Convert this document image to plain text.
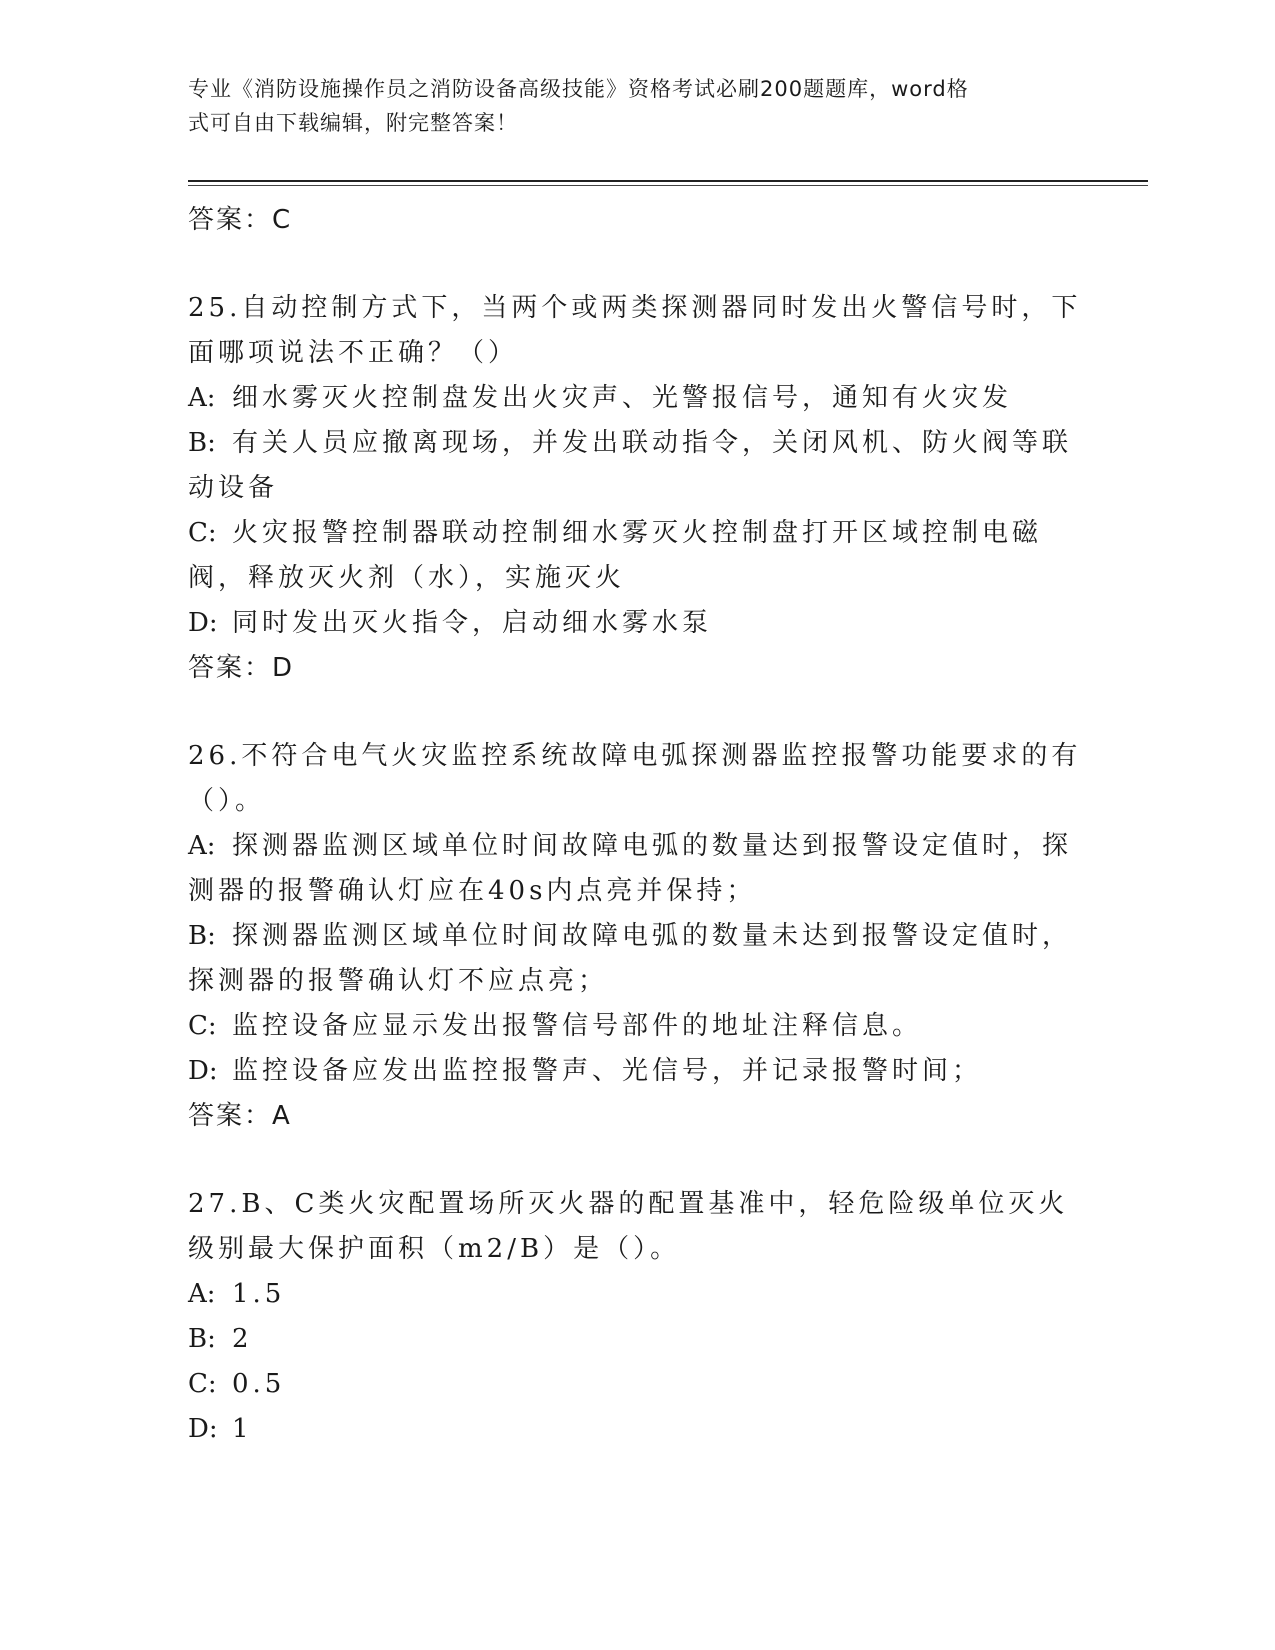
专业《消防设施操作员之消防设备高级技能》资格考试必刷200题题库，word格
式可自由下载编辑，附完整答案！
答案：C
25.自动控制方式下，当两个或两类探测器同时发出火警信号时，下面哪项说法不正确？（）
A: 细水雾灭火控制盘发出火灾声、光警报信号，通知有火灾发
B: 有关人员应撤离现场，并发出联动指令，关闭风机、防火阀等联动设备
C: 火灾报警控制器联动控制细水雾灭火控制盘打开区域控制电磁阀，释放灭火剂（水），实施灭火
D: 同时发出灭火指令，启动细水雾水泵
答案：D
26.不符合电气火灾监控系统故障电弧探测器监控报警功能要求的有（）。
A: 探测器监测区域单位时间故障电弧的数量达到报警设定值时，探测器的报警确认灯应在40s内点亮并保持；
B: 探测器监测区域单位时间故障电弧的数量未达到报警设定值时，探测器的报警确认灯不应点亮；
C: 监控设备应显示发出报警信号部件的地址注释信息。
D: 监控设备应发出监控报警声、光信号，并记录报警时间；
答案：A
27.B、C类火灾配置场所灭火器的配置基准中，轻危险级单位灭火级别最大保护面积（m2/B）是（）。
A: 1.5
B: 2
C: 0.5
D: 1
